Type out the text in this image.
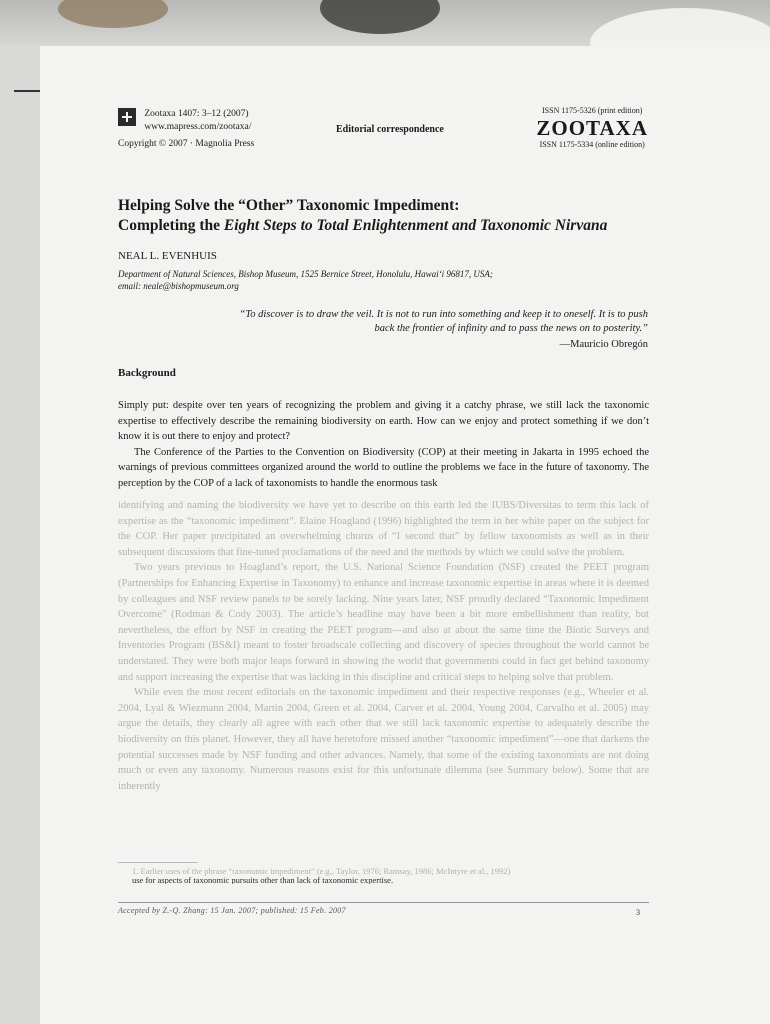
Zootaxa 1407: 3–12 (2007)
www.mapress.com/zootaxa/
Copyright © 2007 · Magnolia Press
Editorial correspondence
ISSN 1175-5326 (print edition)
ZOOTAXA
ISSN 1175-5334 (online edition)
Helping Solve the “Other” Taxonomic Impediment:
Completing the Eight Steps to Total Enlightenment and Taxonomic Nirvana
NEAL L. EVENHUIS
Department of Natural Sciences, Bishop Museum, 1525 Bernice Street, Honolulu, Hawai‘i 96817, USA;
email: neale@bishopmuseum.org
“To discover is to draw the veil. It is not to run into something and keep it to oneself. It is to push back the frontier of infinity and to pass the news on to posterity.”
—Mauricio Obregón
Background

Simply put: despite over ten years of recognizing the problem and giving it a catchy phrase, we still lack the taxonomic expertise to effectively describe the remaining biodiversity on earth. How can we enjoy and protect something if we don’t know it is out there to enjoy and protect?

The Conference of the Parties to the Convention on Biodiversity (COP) at their meeting in Jakarta in 1995 echoed the warnings of previous committees organized around the world to outline the problems we face in the future of taxonomy. The perception by the COP of a lack of taxonomists to handle the enormous task

identifying and naming the biodiversity we have yet to describe on this earth led the IUBS/Diversitas to term this lack of expertise as the “taxonomic impediment”. Elaine Hoagland (1996) highlighted the term in her white paper on the subject for the COP. Her paper precipitated an overwhelming chorus of “I second that” by fellow taxonomists as well as in their subsequent discussions that fine-tuned proclamations of the need and the methods by which we could solve the problem.

Two years previous to Hoagland’s report, the U.S. National Science Foundation (NSF) created the PEET program (Partnerships for Enhancing Expertise in Taxonomy) to enhance and increase taxonomic expertise in areas where it is deemed by colleagues and NSF review panels to be sorely lacking. Nine years later, NSF proudly declared “Taxonomic Impediment Overcome” (Rodman & Cody 2003). The article’s headline may have been a bit more embellishment than reality, but nevertheless, the effort by NSF in creating the PEET program—and also at about the same time the Biotic Surveys and Inventories Program (BS&I) meant to foster broadscale collecting and discovery of species throughout the world cannot be understated. They were both major leaps forward in showing the world that governments could in fact get behind taxonomy and support increasing the expertise that was lacking in this discipline and critical steps to helping solve that problem.

While even the most recent editorials on the taxonomic impediment and their respective responses (e.g., Wheeler et al. 2004, Lyal & Wiezmann 2004, Martin 2004, Green et al. 2004, Carver et al. 2004, Young 2004, Carvalho et al. 2005) may argue the details, they clearly all agree with each other that we still lack taxonomic expertise to adequately describe the biodiversity on this planet. However, they all have heretofore missed another “taxonomic impediment”—one that darkens the potential successes made by NSF funding and other advances. Namely, that some of the existing taxonomists are not doing much or even any taxonomy. Numerous reasons exist for this unfortunate dilemma (see Summary below). Some that are inherently

1. Earlier uses of the phrase “taxonomic impediment” (e.g., Taylor, 1976; Ramsay, 1986; McIntyre et al., 1992)
use for aspects of taxonomic pursuits other than lack of taxonomic expertise.
Accepted by Z.-Q. Zhang: 15 Jan. 2007; published: 15 Feb. 2007	3
